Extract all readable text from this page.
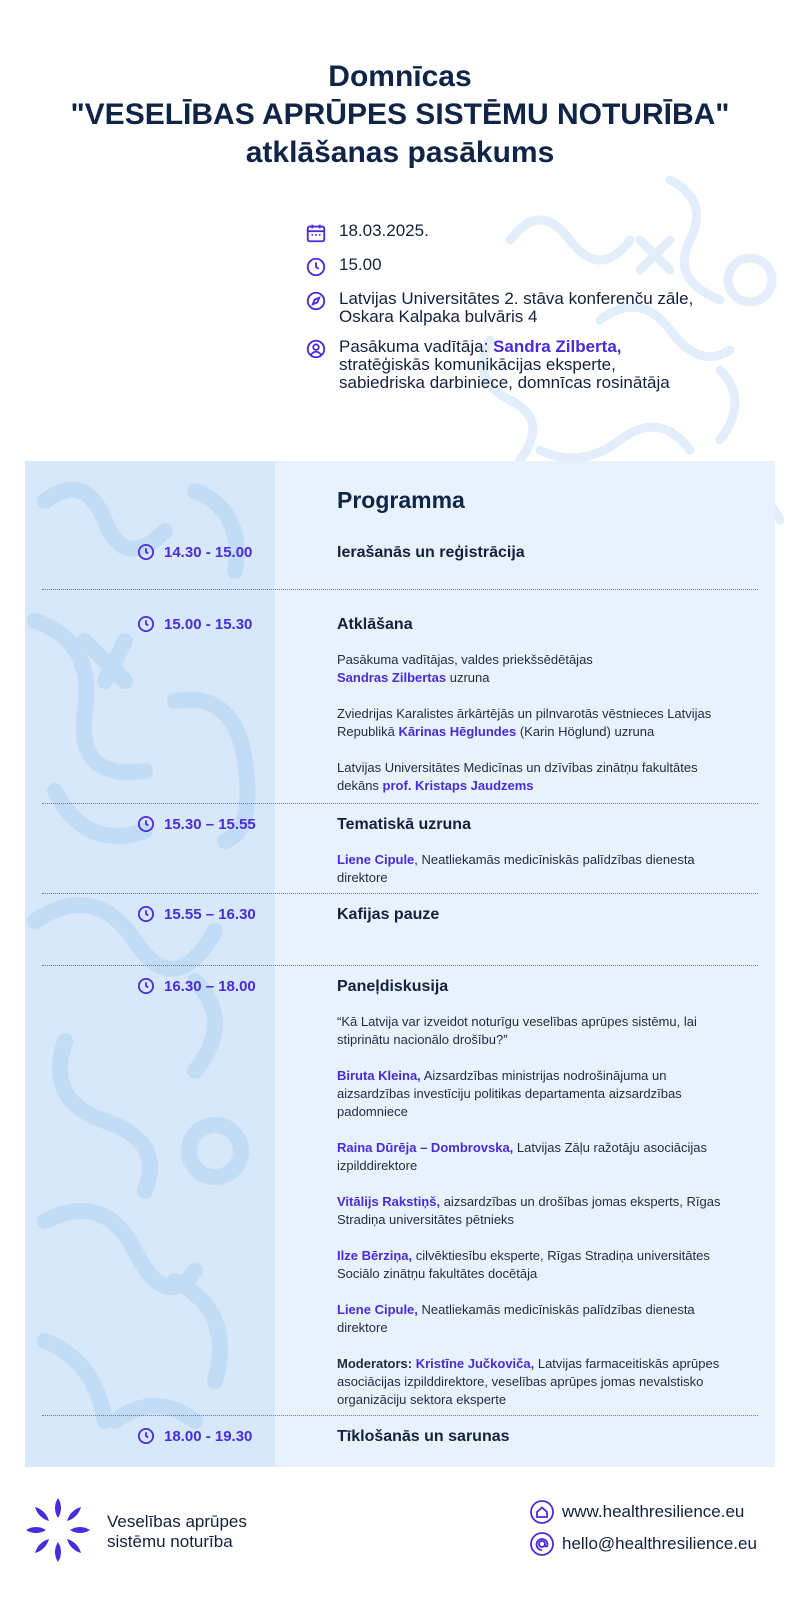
Domnīcas
"VESELĪBAS APRŪPES SISTĒMU NOTURĪBA"
atklāšanas pasākums
18.03.2025.
15.00
Latvijas Universitātes 2. stāva konferenču zāle,
Oskara Kalpaka bulvāris 4
Pasākuma vadītāja: Sandra Zilberta,
stratēģiskās komunikācijas eksperte,
sabiedriska darbiniece, domnīcas rosinātāja
Programma
14.30 - 15.00	Ierašanās un reģistrācija
15.00 - 15.30	Atklāšana

Pasākuma vadītājas, valdes priekšsēdētājas
Sandras Zilbertas uzruna

Zviedrijas Karalistes ārkārtējās un pilnvarotās vēstnieces Latvijas Republikā Kārinas Hēglundes (Karin Höglund) uzruna

Latvijas Universitātes Medicīnas un dzīvības zinātņu fakultātes dekāns prof. Kristaps Jaudzems

15.30 – 15.55	Tematiskā uzruna

Liene Cipule, Neatliekamās medicīniskās palīdzības dienesta direktore

15.55 – 16.30	Kafijas pauze
16.30 – 18.00	Paneļdiskusija

“Kā Latvija var izveidot noturīgu veselības aprūpes sistēmu, lai stiprinātu nacionālo drošību?”

Biruta Kleina, Aizsardzības ministrijas nodrošinājuma un aizsardzības investīciju politikas departamenta aizsardzības padomniece

Raina Dūrēja – Dombrovska, Latvijas Zāļu ražotāju asociācijas izpilddirektore

Vitālijs Rakstiņš, aizsardzības un drošības jomas eksperts, Rīgas Stradiņa universitātes pētnieks

Ilze Bērziņa, cilvēktiesību eksperte, Rīgas Stradiņa universitātes Sociālo zinātņu fakultātes docētāja

Liene Cipule, Neatliekamās medicīniskās palīdzības dienesta direktore

Moderators: Kristīne Jučkoviča, Latvijas farmaceitiskās aprūpes asociācijas izpilddirektore, veselības aprūpes jomas nevalstisko organizāciju sektora eksperte

18.00 - 19.30	Tīklošanās un sarunas
Veselības aprūpes
sistēmu noturība
www.healthresilience.eu
hello@healthresilience.eu
